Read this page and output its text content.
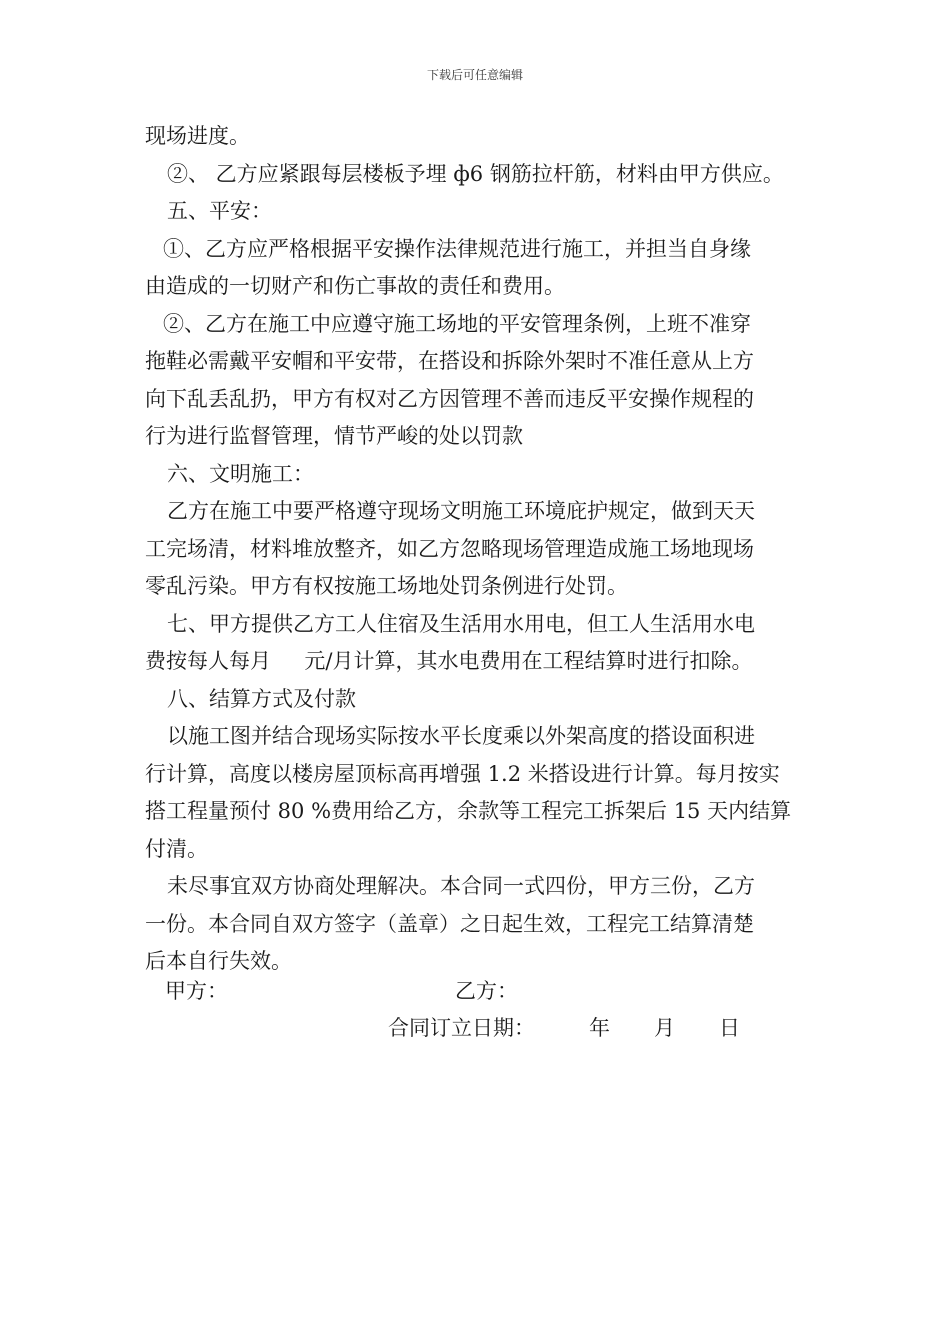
下载后可任意编辑
现场进度。
②、 乙方应紧跟每层楼板予埋 ф6 钢筋拉杆筋，材料由甲方供应。
五、平安：
①、乙方应严格根据平安操作法律规范进行施工，并担当自身缘
由造成的一切财产和伤亡事故的责任和费用。
②、乙方在施工中应遵守施工场地的平安管理条例，上班不准穿
拖鞋必需戴平安帽和平安带，在搭设和拆除外架时不准任意从上方
向下乱丢乱扔，甲方有权对乙方因管理不善而违反平安操作规程的
行为进行监督管理，情节严峻的处以罚款
六、文明施工：
乙方在施工中要严格遵守现场文明施工环境庇护规定，做到天天
工完场清，材料堆放整齐，如乙方忽略现场管理造成施工场地现场
零乱污染。甲方有权按施工场地处罚条例进行处罚。
七、甲方提供乙方工人住宿及生活用水用电，但工人生活用水电
费按每人每月     元/月计算，其水电费用在工程结算时进行扣除。
八、结算方式及付款
以施工图并结合现场实际按水平长度乘以外架高度的搭设面积进
行计算，高度以楼房屋顶标高再增强 1.2 米搭设进行计算。每月按实
搭工程量预付 80 %费用给乙方，余款等工程完工拆架后 15 天内结算
付清。
未尽事宜双方协商处理解决。本合同一式四份，甲方三份，乙方
一份。本合同自双方签字（盖章）之日起生效，工程完工结算清楚
后本自行失效。
甲方：	乙方：
合同订立日期：	年 月 日
